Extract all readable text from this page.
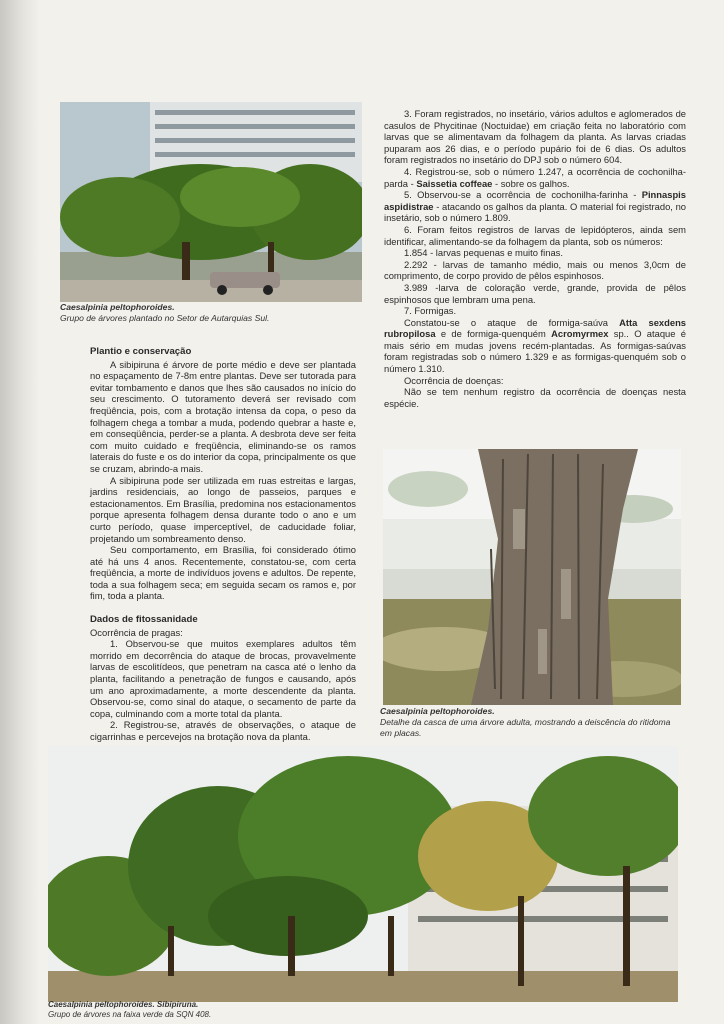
Caesalpinia peltophoroides.
Grupo de árvores plantado no Setor de Autarquias Sul.
Plantio e conservação

A sibipiruna é árvore de porte médio e deve ser plantada no espaçamento de 7-8m entre plantas. Deve ser tutorada para evitar tombamento e danos que lhes são causados no início do seu crescimento. O tutoramento deverá ser revisado com freqüência, pois, com a brotação intensa da copa, o peso da folhagem chega a tombar a muda, podendo quebrar a haste e, em conseqüência, perder-se a planta. A desbrota deve ser feita com muito cuidado e freqüência, eliminando-se os ramos laterais do fuste e os do interior da copa, principalmente os que se cruzam, abrindo-a mais.

A sibipiruna pode ser utilizada em ruas estreitas e largas, jardins residenciais, ao longo de passeios, parques e estacionamentos. Em Brasília, predomina nos estacionamentos porque apresenta folhagem densa durante todo o ano e um curto período, quase imperceptível, de caducidade foliar, projetando um sombreamento denso.

Seu comportamento, em Brasília, foi considerado ótimo até há uns 4 anos. Recentemente, constatou-se, com certa freqüência, a morte de indivíduos jovens e adultos. De repente, toda a sua folhagem seca; em seguida secam os ramos e, por fim, toda a planta.

Dados de fitossanidade

Ocorrência de pragas:

1. Observou-se que muitos exemplares adultos têm morrido em decorrência do ataque de brocas, provavelmente larvas de escolitídeos, que penetram na casca até o lenho da planta, facilitando a penetração de fungos e causando, após um ano aproximadamente, a morte descendente da planta. Observou-se, como sinal do ataque, o secamento de parte da copa, culminando com a morte total da planta.

2. Registrou-se, através de observações, o ataque de cigarrinhas e percevejos na brotação nova da planta.

3. Foram registrados, no insetário, vários adultos e aglomerados de casulos de Phycitinae (Noctuidae) em criação feita no laboratório com larvas que se alimentavam da folhagem da planta. As larvas criadas puparam aos 26 dias, e o período pupário foi de 6 dias. Os adultos foram registrados no insetário do DPJ sob o número 604.

4. Registrou-se, sob o número 1.247, a ocorrência de cochonilha-parda - Saissetia coffeae - sobre os galhos.

5. Observou-se a ocorrência de cochonilha-farinha - Pinnaspis aspidistrae - atacando os galhos da planta. O material foi registrado, no insetário, sob o número 1.809.

6. Foram feitos registros de larvas de lepidópteros, ainda sem identificar, alimentando-se da folhagem da planta, sob os números:

1.854 - larvas pequenas e muito finas.

2.292 - larvas de tamanho médio, mais ou menos 3,0cm de comprimento, de corpo provido de pêlos espinhosos.

3.989 -larva de coloração verde, grande, provida de pêlos espinhosos que lembram uma pena.

7. Formigas.

Constatou-se o ataque de formiga-saúva Atta sexdens rubropilosa e de formiga-quenquém Acromyrmex sp.. O ataque é mais sério em mudas jovens recém-plantadas. As formigas-saúvas foram registradas sob o número 1.329 e as formigas-quenquém sob o número 1.310.

Ocorrência de doenças:

Não se tem nenhum registro da ocorrência de doenças nesta espécie.

Caesalpinia peltophoroides.
Detalhe da casca de uma árvore adulta, mostrando a deiscência do ritidoma em placas.
Caesalpinia peltophoroides. Sibipiruna.
Grupo de árvores na faixa verde da SQN 408.
